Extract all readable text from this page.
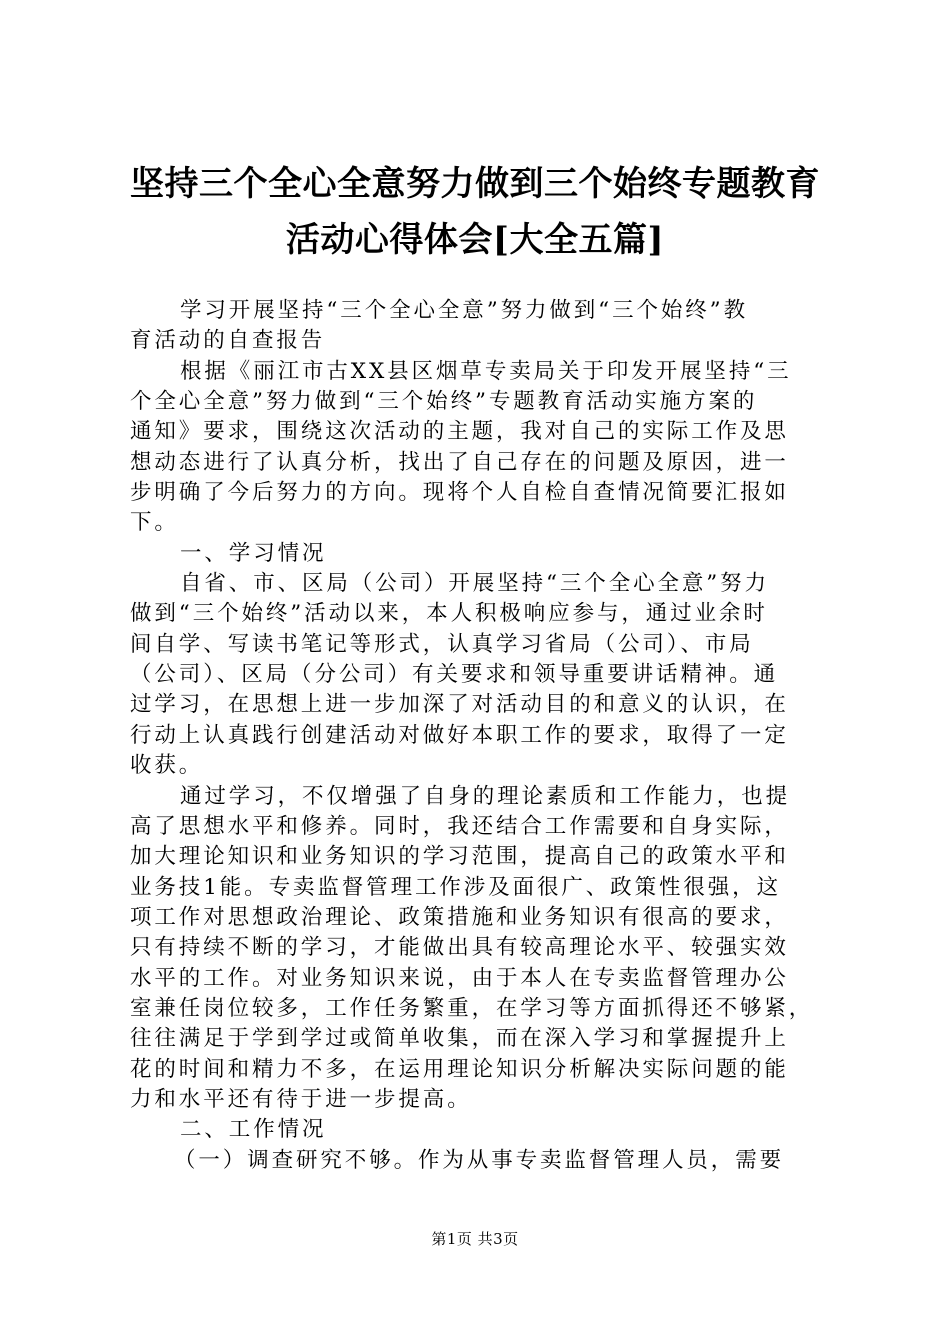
坚持三个全心全意努力做到三个始终专题教育
活动心得体会[大全五篇]
学习开展坚持“三个全心全意”努力做到“三个始终”教
育活动的自查报告
根据《丽江市古XX县区烟草专卖局关于印发开展坚持“三
个全心全意”努力做到“三个始终”专题教育活动实施方案的
通知》要求，围绕这次活动的主题，我对自己的实际工作及思
想动态进行了认真分析，找出了自己存在的问题及原因，进一
步明确了今后努力的方向。现将个人自检自查情况简要汇报如
下。
一、学习情况
自省、市、区局（公司）开展坚持“三个全心全意”努力
做到“三个始终”活动以来，本人积极响应参与，通过业余时
间自学、写读书笔记等形式，认真学习省局（公司）、市局
（公司）、区局（分公司）有关要求和领导重要讲话精神。通
过学习，在思想上进一步加深了对活动目的和意义的认识，在
行动上认真践行创建活动对做好本职工作的要求，取得了一定
收获。
通过学习，不仅增强了自身的理论素质和工作能力，也提
高了思想水平和修养。同时，我还结合工作需要和自身实际，
加大理论知识和业务知识的学习范围，提高自己的政策水平和
业务技1能。专卖监督管理工作涉及面很广、政策性很强，这
项工作对思想政治理论、政策措施和业务知识有很高的要求，
只有持续不断的学习，才能做出具有较高理论水平、较强实效
水平的工作。对业务知识来说，由于本人在专卖监督管理办公
室兼任岗位较多，工作任务繁重，在学习等方面抓得还不够紧，
往往满足于学到学过或简单收集，而在深入学习和掌握提升上
花的时间和精力不多，在运用理论知识分析解决实际问题的能
力和水平还有待于进一步提高。
二、工作情况
（一）调查研究不够。作为从事专卖监督管理人员，需要
第1页 共3页
